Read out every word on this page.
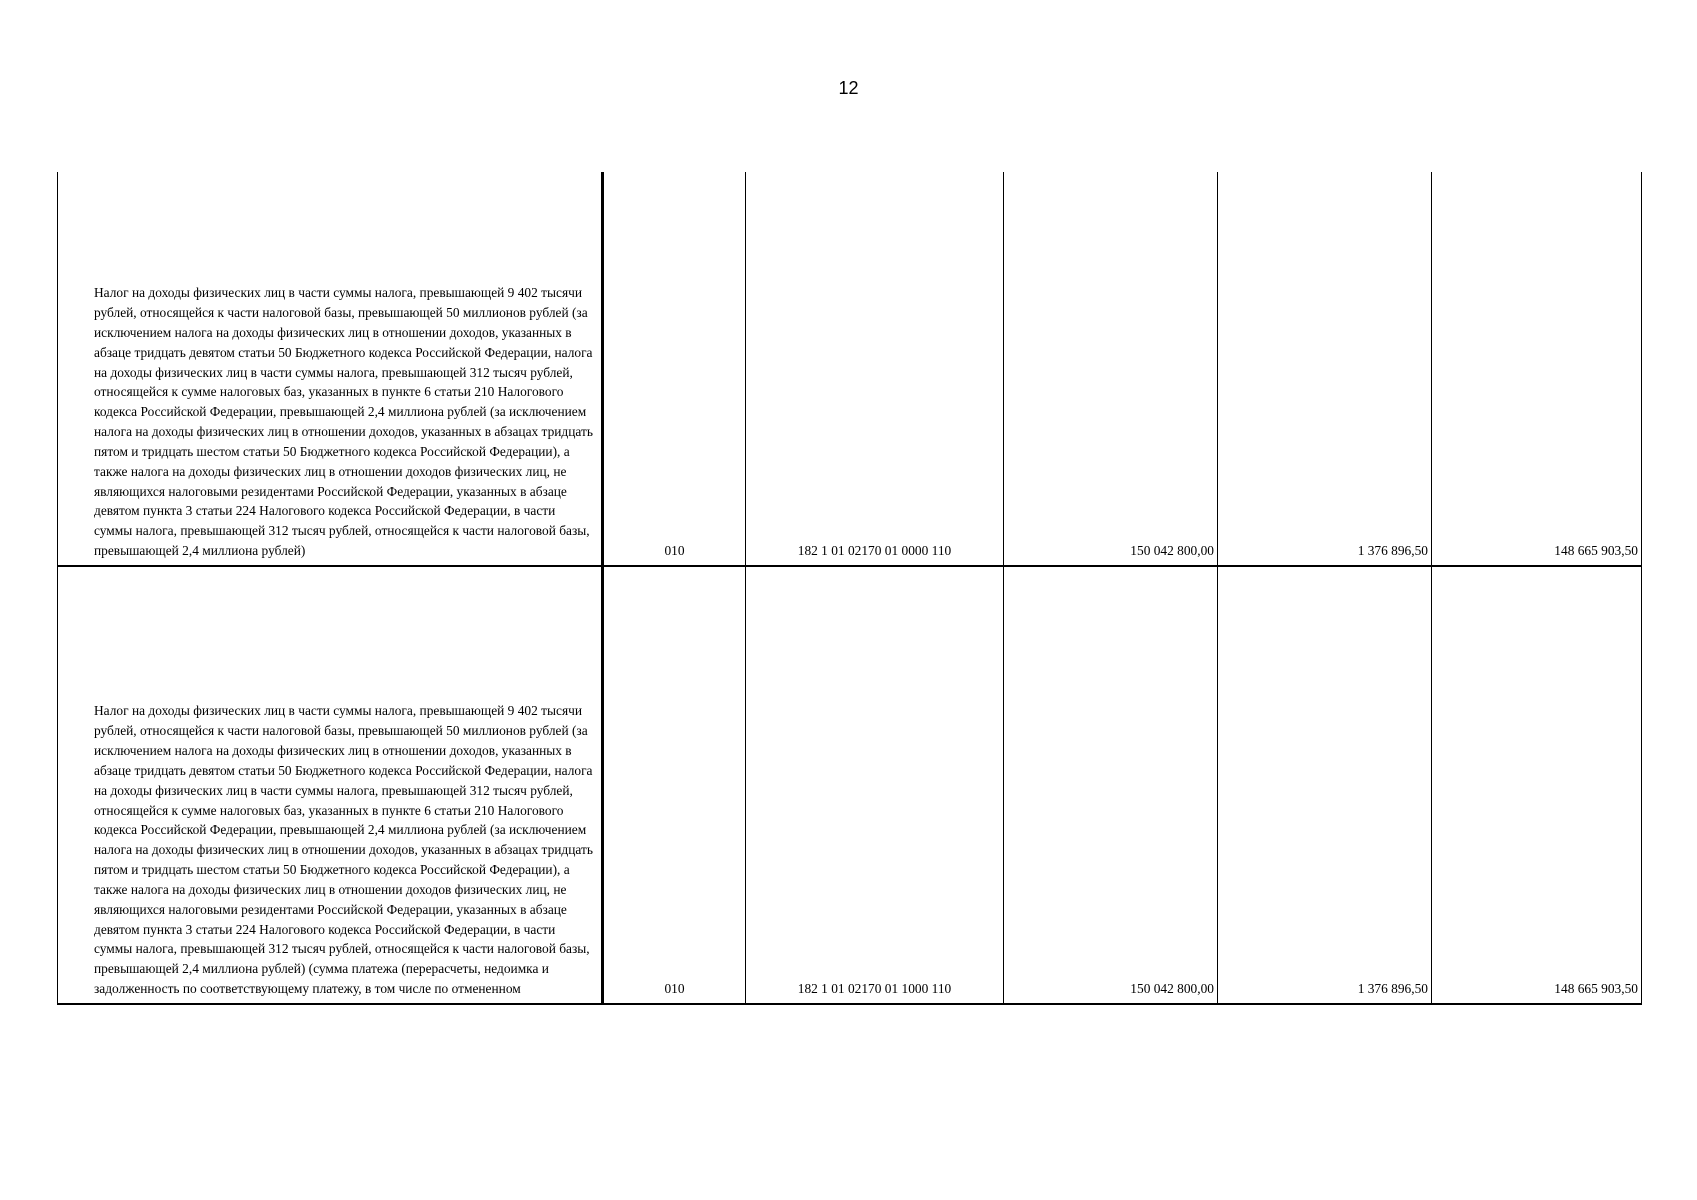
12
Налог на доходы физических лиц в части суммы налога, превышающей 9 402 тысячи рублей, относящейся к части налоговой базы, превышающей 50 миллионов рублей (за исключением налога на доходы физических лиц в отношении доходов, указанных в абзаце тридцать девятом статьи 50 Бюджетного кодекса Российской Федерации, налога на доходы физических лиц в части суммы налога, превышающей 312 тысяч рублей, относящейся к сумме налоговых баз, указанных в пункте 6 статьи 210 Налогового кодекса Российской Федерации, превышающей 2,4 миллиона рублей (за исключением налога на доходы физических лиц в отношении доходов, указанных в абзацах тридцать пятом и тридцать шестом статьи 50 Бюджетного кодекса Российской Федерации), а также налога на доходы физических лиц в отношении доходов физических лиц, не являющихся налоговыми резидентами Российской Федерации, указанных в абзаце девятом пункта 3 статьи 224 Налогового кодекса Российской Федерации, в части суммы налога, превышающей 312 тысяч рублей, относящейся к части налоговой базы, превышающей 2,4 миллиона рублей)	010	182 1 01 02170 01 0000 110	150 042 800,00	1 376 896,50	148 665 903,50

Налог на доходы физических лиц в части суммы налога, превышающей 9 402 тысячи рублей, относящейся к части налоговой базы, превышающей 50 миллионов рублей (за исключением налога на доходы физических лиц в отношении доходов, указанных в абзаце тридцать девятом статьи 50 Бюджетного кодекса Российской Федерации, налога на доходы физических лиц в части суммы налога, превышающей 312 тысяч рублей, относящейся к сумме налоговых баз, указанных в пункте 6 статьи 210 Налогового кодекса Российской Федерации, превышающей 2,4 миллиона рублей (за исключением налога на доходы физических лиц в отношении доходов, указанных в абзацах тридцать пятом и тридцать шестом статьи 50 Бюджетного кодекса Российской Федерации), а также налога на доходы физических лиц в отношении доходов физических лиц, не являющихся налоговыми резидентами Российской Федерации, указанных в абзаце девятом пункта 3 статьи 224 Налогового кодекса Российской Федерации, в части суммы налога, превышающей 312 тысяч рублей, относящейся к части налоговой базы, превышающей 2,4 миллиона рублей) (сумма платежа (перерасчеты, недоимка и задолженность по соответствующему платежу, в том числе по отмененном	010	182 1 01 02170 01 1000 110	150 042 800,00	1 376 896,50	148 665 903,50
